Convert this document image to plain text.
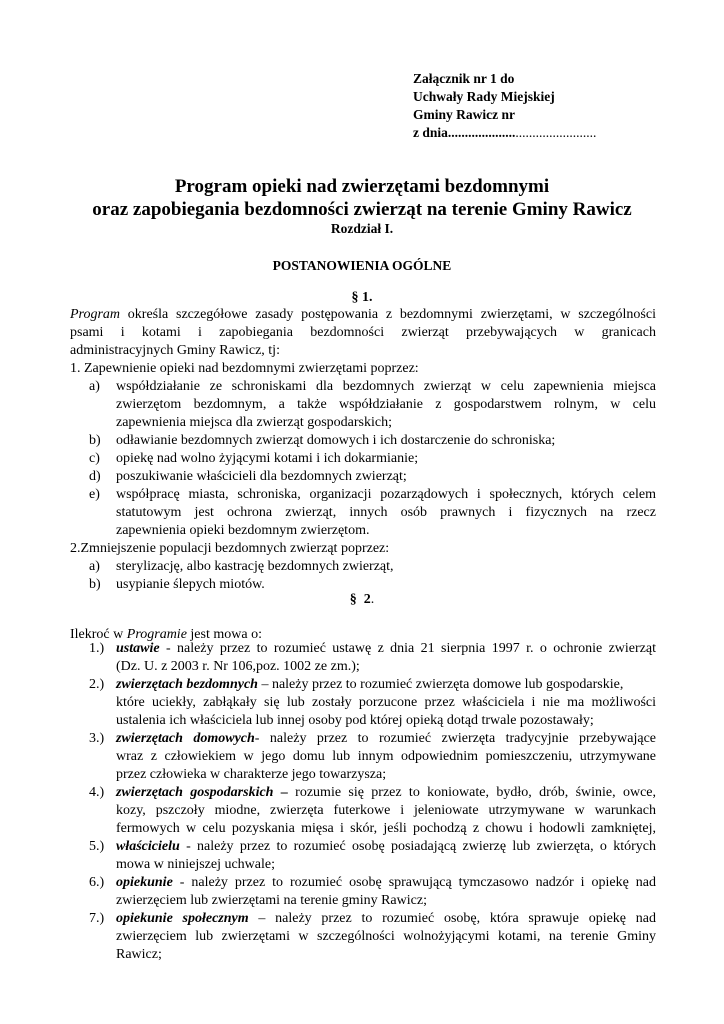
Załącznik nr 1 do
Uchwały Rady Miejskiej
Gminy Rawicz nr
z dnia............................................
Program opieki nad zwierzętami bezdomnymi
oraz zapobiegania bezdomności zwierząt na terenie Gminy Rawicz
Rozdział I.
POSTANOWIENIA OGÓLNE
§ 1.
Program określa szczegółowe zasady postępowania z bezdomnymi zwierzętami, w szczególności
psami i kotami i zapobiegania bezdomności zwierząt przebywających w granicach
administracyjnych Gminy Rawicz, tj:
1. Zapewnienie opieki nad bezdomnymi zwierzętami poprzez:
a) współdziałanie ze schroniskami dla bezdomnych zwierząt w celu zapewnienia miejsca
zwierzętom bezdomnym, a także współdziałanie z gospodarstwem rolnym, w celu
zapewnienia miejsca dla zwierząt gospodarskich;
b) odławianie bezdomnych zwierząt domowych i ich dostarczenie do schroniska;
c) opiekę nad wolno żyjącymi kotami i ich dokarmianie;
d) poszukiwanie właścicieli dla bezdomnych zwierząt;
e) współpracę miasta, schroniska, organizacji pozarządowych i społecznych, których celem
statutowym jest ochrona zwierząt, innych osób prawnych i fizycznych na rzecz
zapewnienia opieki bezdomnym zwierzętom.
2.Zmniejszenie populacji bezdomnych zwierząt poprzez:
a) sterylizację, albo kastrację bezdomnych zwierząt,
b) usypianie ślepych miotów.
§ 2.
Ilekroć w Programie jest mowa o:
1.) ustawie - należy przez to rozumieć ustawę z dnia 21 sierpnia 1997 r. o ochronie zwierząt
(Dz. U. z 2003 r. Nr 106,poz. 1002 ze zm.);
2.) zwierzętach bezdomnych – należy przez to rozumieć zwierzęta domowe lub gospodarskie,
które uciekły, zabłąkały się lub zostały porzucone przez właściciela i nie ma możliwości
ustalenia ich właściciela lub innej osoby pod której opieką dotąd trwale pozostawały;
3.) zwierzętach domowych- należy przez to rozumieć zwierzęta tradycyjnie przebywające
wraz z człowiekiem w jego domu lub innym odpowiednim pomieszczeniu, utrzymywane
przez człowieka w charakterze jego towarzysza;
4.) zwierzętach gospodarskich – rozumie się przez to koniowate, bydło, drób, świnie, owce,
kozy, pszczoły miodne, zwierzęta futerkowe i jeleniowate utrzymywane w warunkach
fermowych w celu pozyskania mięsa i skór, jeśli pochodzą z chowu i hodowli zamkniętej,
5.) właścicielu - należy przez to rozumieć osobę posiadającą zwierzę lub zwierzęta, o których
mowa w niniejszej uchwale;
6.) opiekunie - należy przez to rozumieć osobę sprawującą tymczasowo nadzór i opiekę nad
zwierzęciem lub zwierzętami na terenie gminy Rawicz;
7.) opiekunie społecznym – należy przez to rozumieć osobę, która sprawuje opiekę nad
zwierzęciem lub zwierzętami w szczególności wolnożyjącymi kotami, na terenie Gminy
Rawicz;
